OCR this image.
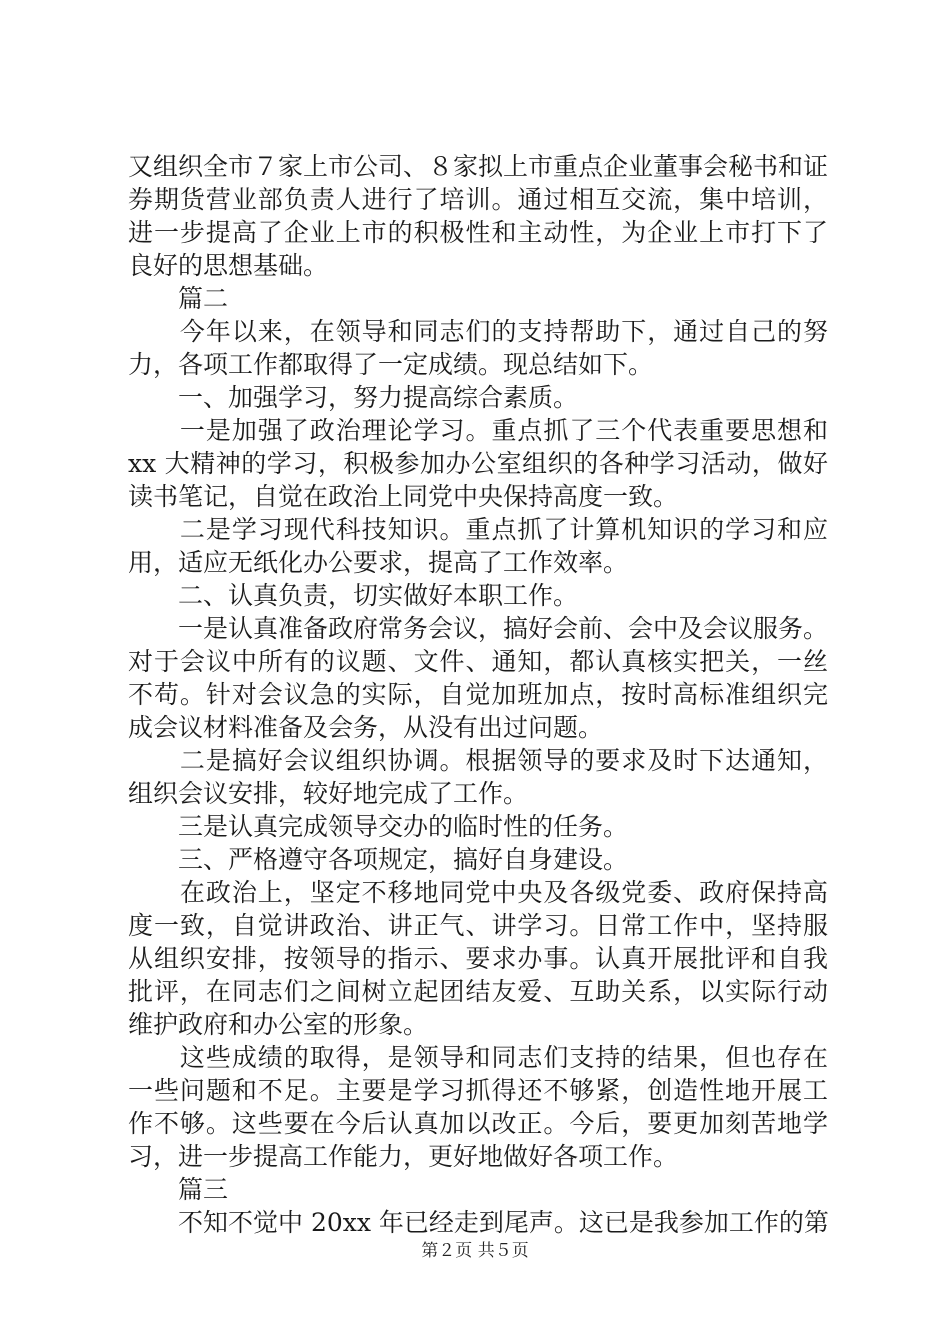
又组织全市７家上市公司、８家拟上市重点企业董事会秘书和证
券期货营业部负责人进行了培训。通过相互交流，集中培训，
进一步提高了企业上市的积极性和主动性，为企业上市打下了
良好的思想基础。
　　篇二
　　今年以来，在领导和同志们的支持帮助下，通过自己的努
力，各项工作都取得了一定成绩。现总结如下。
　　一、加强学习，努力提高综合素质。
　　一是加强了政治理论学习。重点抓了三个代表重要思想和
xx 大精神的学习，积极参加办公室组织的各种学习活动，做好
读书笔记，自觉在政治上同党中央保持高度一致。
　　二是学习现代科技知识。重点抓了计算机知识的学习和应
用，适应无纸化办公要求，提高了工作效率。
　　二、认真负责，切实做好本职工作。
　　一是认真准备政府常务会议，搞好会前、会中及会议服务。
对于会议中所有的议题、文件、通知，都认真核实把关，一丝
不苟。针对会议急的实际，自觉加班加点，按时高标准组织完
成会议材料准备及会务，从没有出过问题。
　　二是搞好会议组织协调。根据领导的要求及时下达通知，
组织会议安排，较好地完成了工作。
　　三是认真完成领导交办的临时性的任务。
　　三、严格遵守各项规定，搞好自身建设。
　　在政治上，坚定不移地同党中央及各级党委、政府保持高
度一致，自觉讲政治、讲正气、讲学习。日常工作中，坚持服
从组织安排，按领导的指示、要求办事。认真开展批评和自我
批评，在同志们之间树立起团结友爱、互助关系，以实际行动
维护政府和办公室的形象。
　　这些成绩的取得，是领导和同志们支持的结果，但也存在
一些问题和不足。主要是学习抓得还不够紧，创造性地开展工
作不够。这些要在今后认真加以改正。今后，要更加刻苦地学
习，进一步提高工作能力，更好地做好各项工作。
　　篇三
　　不知不觉中 20xx 年已经走到尾声。这已是我参加工作的第
第２页 共５页
